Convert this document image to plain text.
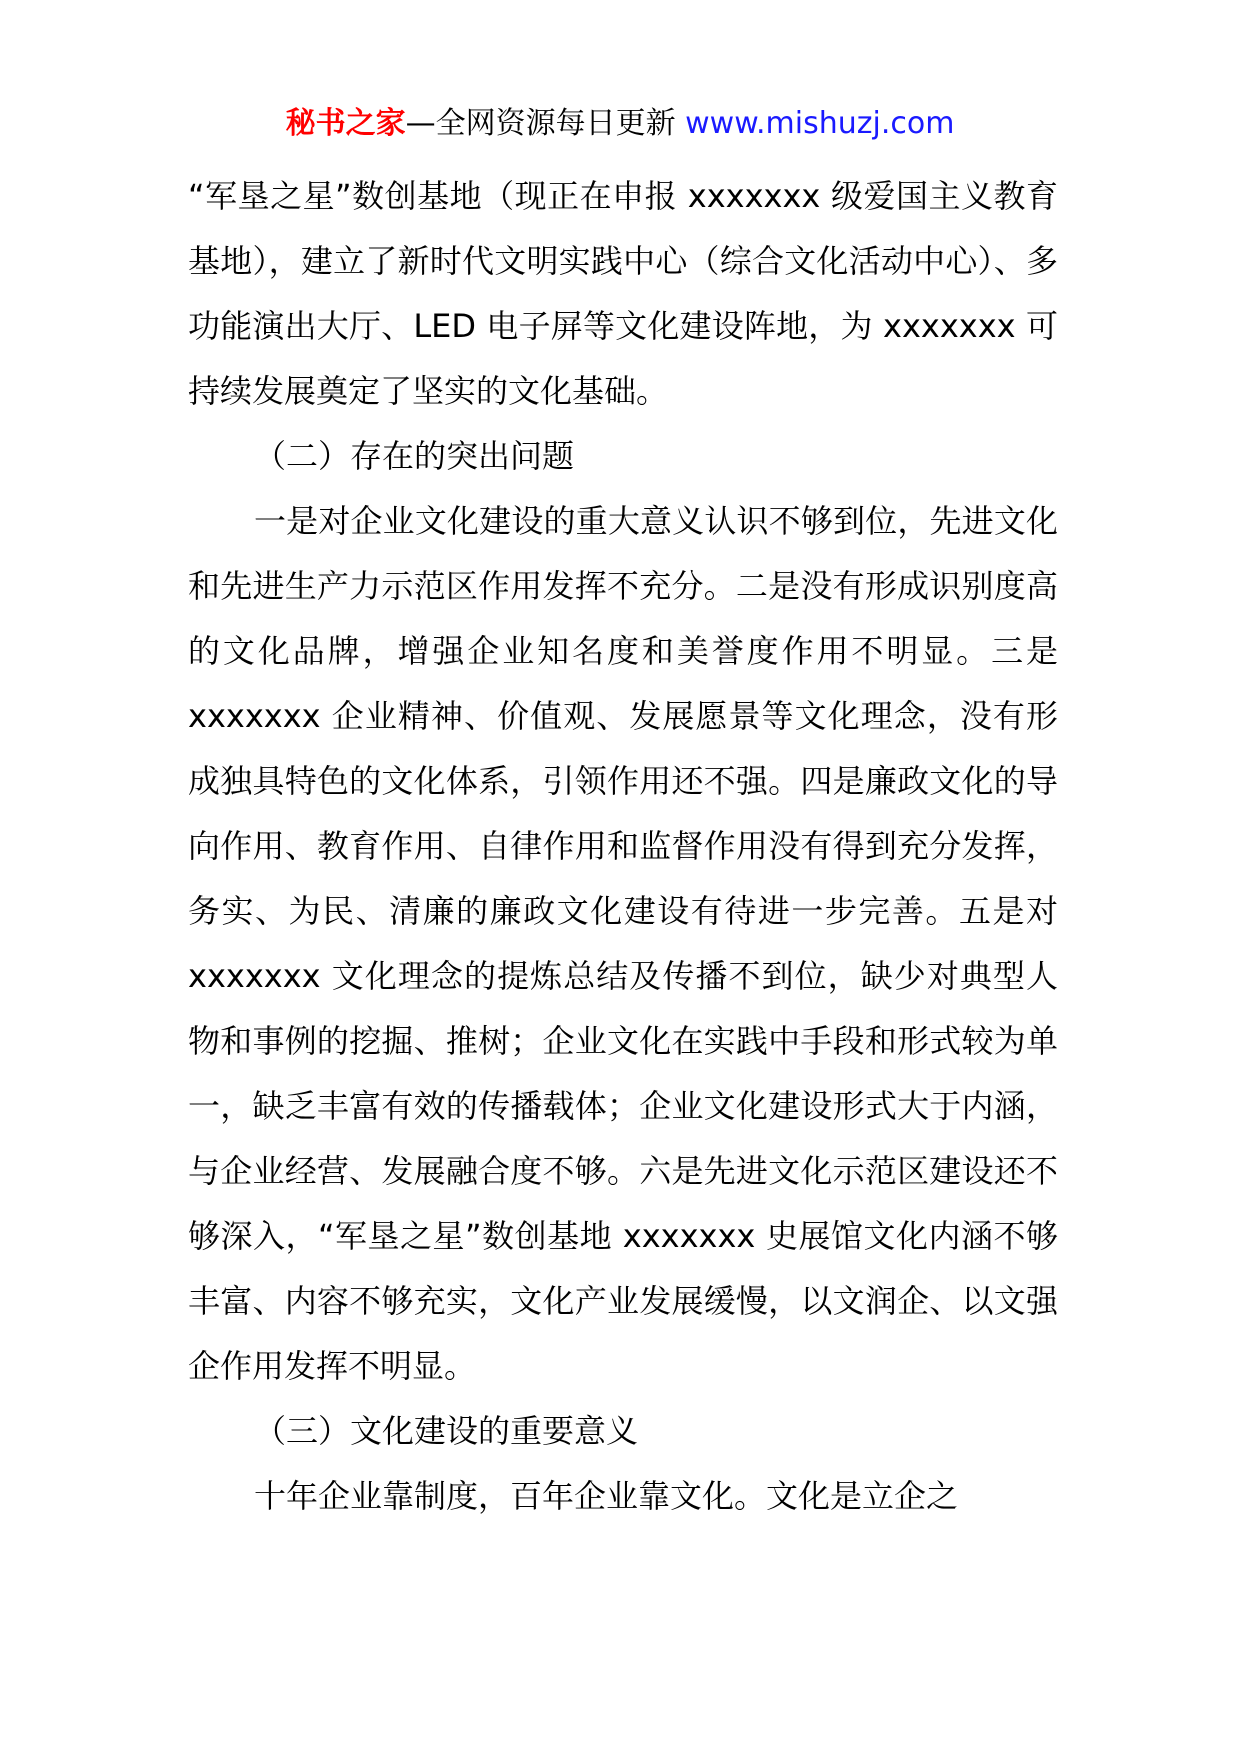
秘书之家—全网资源每日更新 www.mishuzj.com

“军垦之星”数创基地（现正在申报 xxxxxxx 级爱国主义教育基地），建立了新时代文明实践中心（综合文化活动中心）、多功能演出大厅、LED 电子屏等文化建设阵地，为 xxxxxxx 可持续发展奠定了坚实的文化基础。

（二）存在的突出问题

一是对企业文化建设的重大意义认识不够到位，先进文化和先进生产力示范区作用发挥不充分。二是没有形成识别度高的文化品牌，增强企业知名度和美誉度作用不明显。三是 xxxxxxx 企业精神、价值观、发展愿景等文化理念，没有形成独具特色的文化体系，引领作用还不强。四是廉政文化的导向作用、教育作用、自律作用和监督作用没有得到充分发挥，务实、为民、清廉的廉政文化建设有待进一步完善。五是对 xxxxxxx 文化理念的提炼总结及传播不到位，缺少对典型人物和事例的挖掘、推树；企业文化在实践中手段和形式较为单一，缺乏丰富有效的传播载体；企业文化建设形式大于内涵，与企业经营、发展融合度不够。六是先进文化示范区建设还不够深入，“军垦之星”数创基地 xxxxxxx 史展馆文化内涵不够丰富、内容不够充实，文化产业发展缓慢，以文润企、以文强企作用发挥不明显。

（三）文化建设的重要意义

十年企业靠制度，百年企业靠文化。文化是立企之
